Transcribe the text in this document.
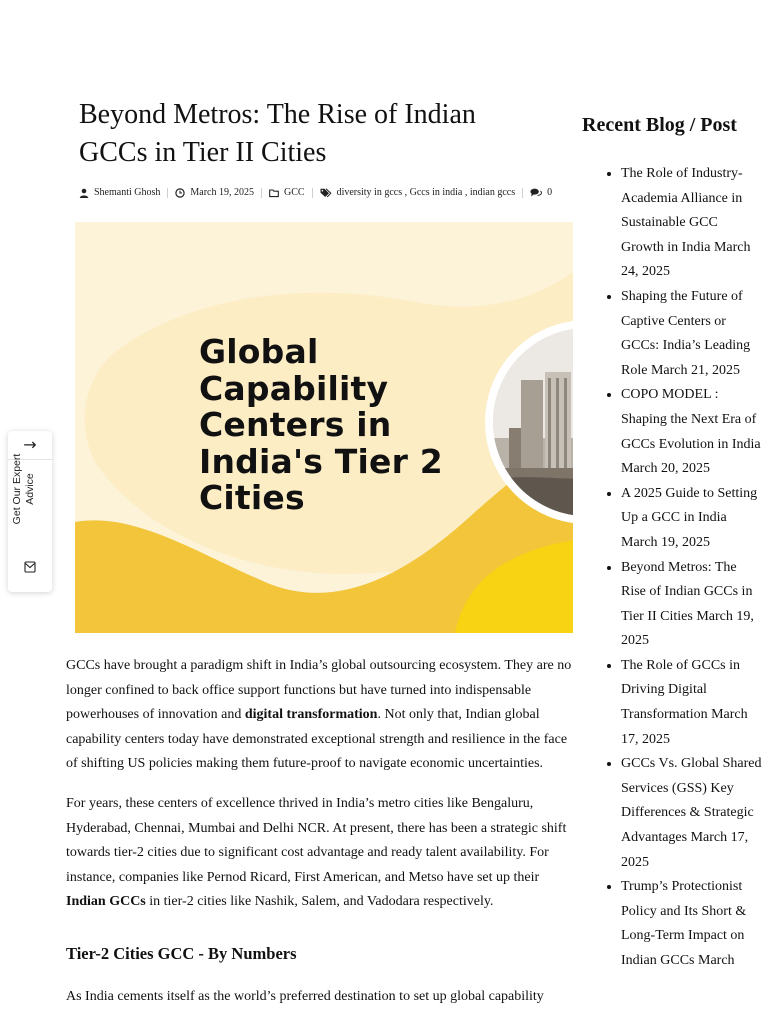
→
Get Our Expert Advice
Beyond Metros: The Rise of Indian
GCCs in Tier II Cities
Shemanti Ghosh	March 19, 2025	GCC	diversity in gccs , Gccs in india , indian gccs	0
Global
Capability
Centers in
India's Tier 2
Cities

GCCs have brought a paradigm shift in India’s global outsourcing ecosystem. They are no longer confined to back office support functions but have turned into indispensable powerhouses of innovation and digital transformation. Not only that, Indian global capability centers today have demonstrated exceptional strength and resilience in the face of shifting US policies making them future-proof to navigate economic uncertainties.

For years, these centers of excellence thrived in India’s metro cities like Bengaluru, Hyderabad, Chennai, Mumbai and Delhi NCR. At present, there has been a strategic shift towards tier-2 cities due to significant cost advantage and ready talent availability. For instance, companies like Pernod Ricard, First American, and Metso have set up their Indian GCCs in tier-2 cities like Nashik, Salem, and Vadodara respectively.

Tier-2 Cities GCC - By Numbers

As India cements itself as the world’s preferred destination to set up global capability

Recent Blog / Post
• The Role of Industry-Academia Alliance in Sustainable GCC Growth in India March 24, 2025
• Shaping the Future of Captive Centers or GCCs: India’s Leading Role March 21, 2025
• COPO MODEL : Shaping the Next Era of GCCs Evolution in India March 20, 2025
• A 2025 Guide to Setting Up a GCC in India March 19, 2025
• Beyond Metros: The Rise of Indian GCCs in Tier II Cities March 19, 2025
• The Role of GCCs in Driving Digital Transformation March 17, 2025
• GCCs Vs. Global Shared Services (GSS) Key Differences & Strategic Advantages March 17, 2025
• Trump’s Protectionist Policy and Its Short & Long-Term Impact on Indian GCCs March
